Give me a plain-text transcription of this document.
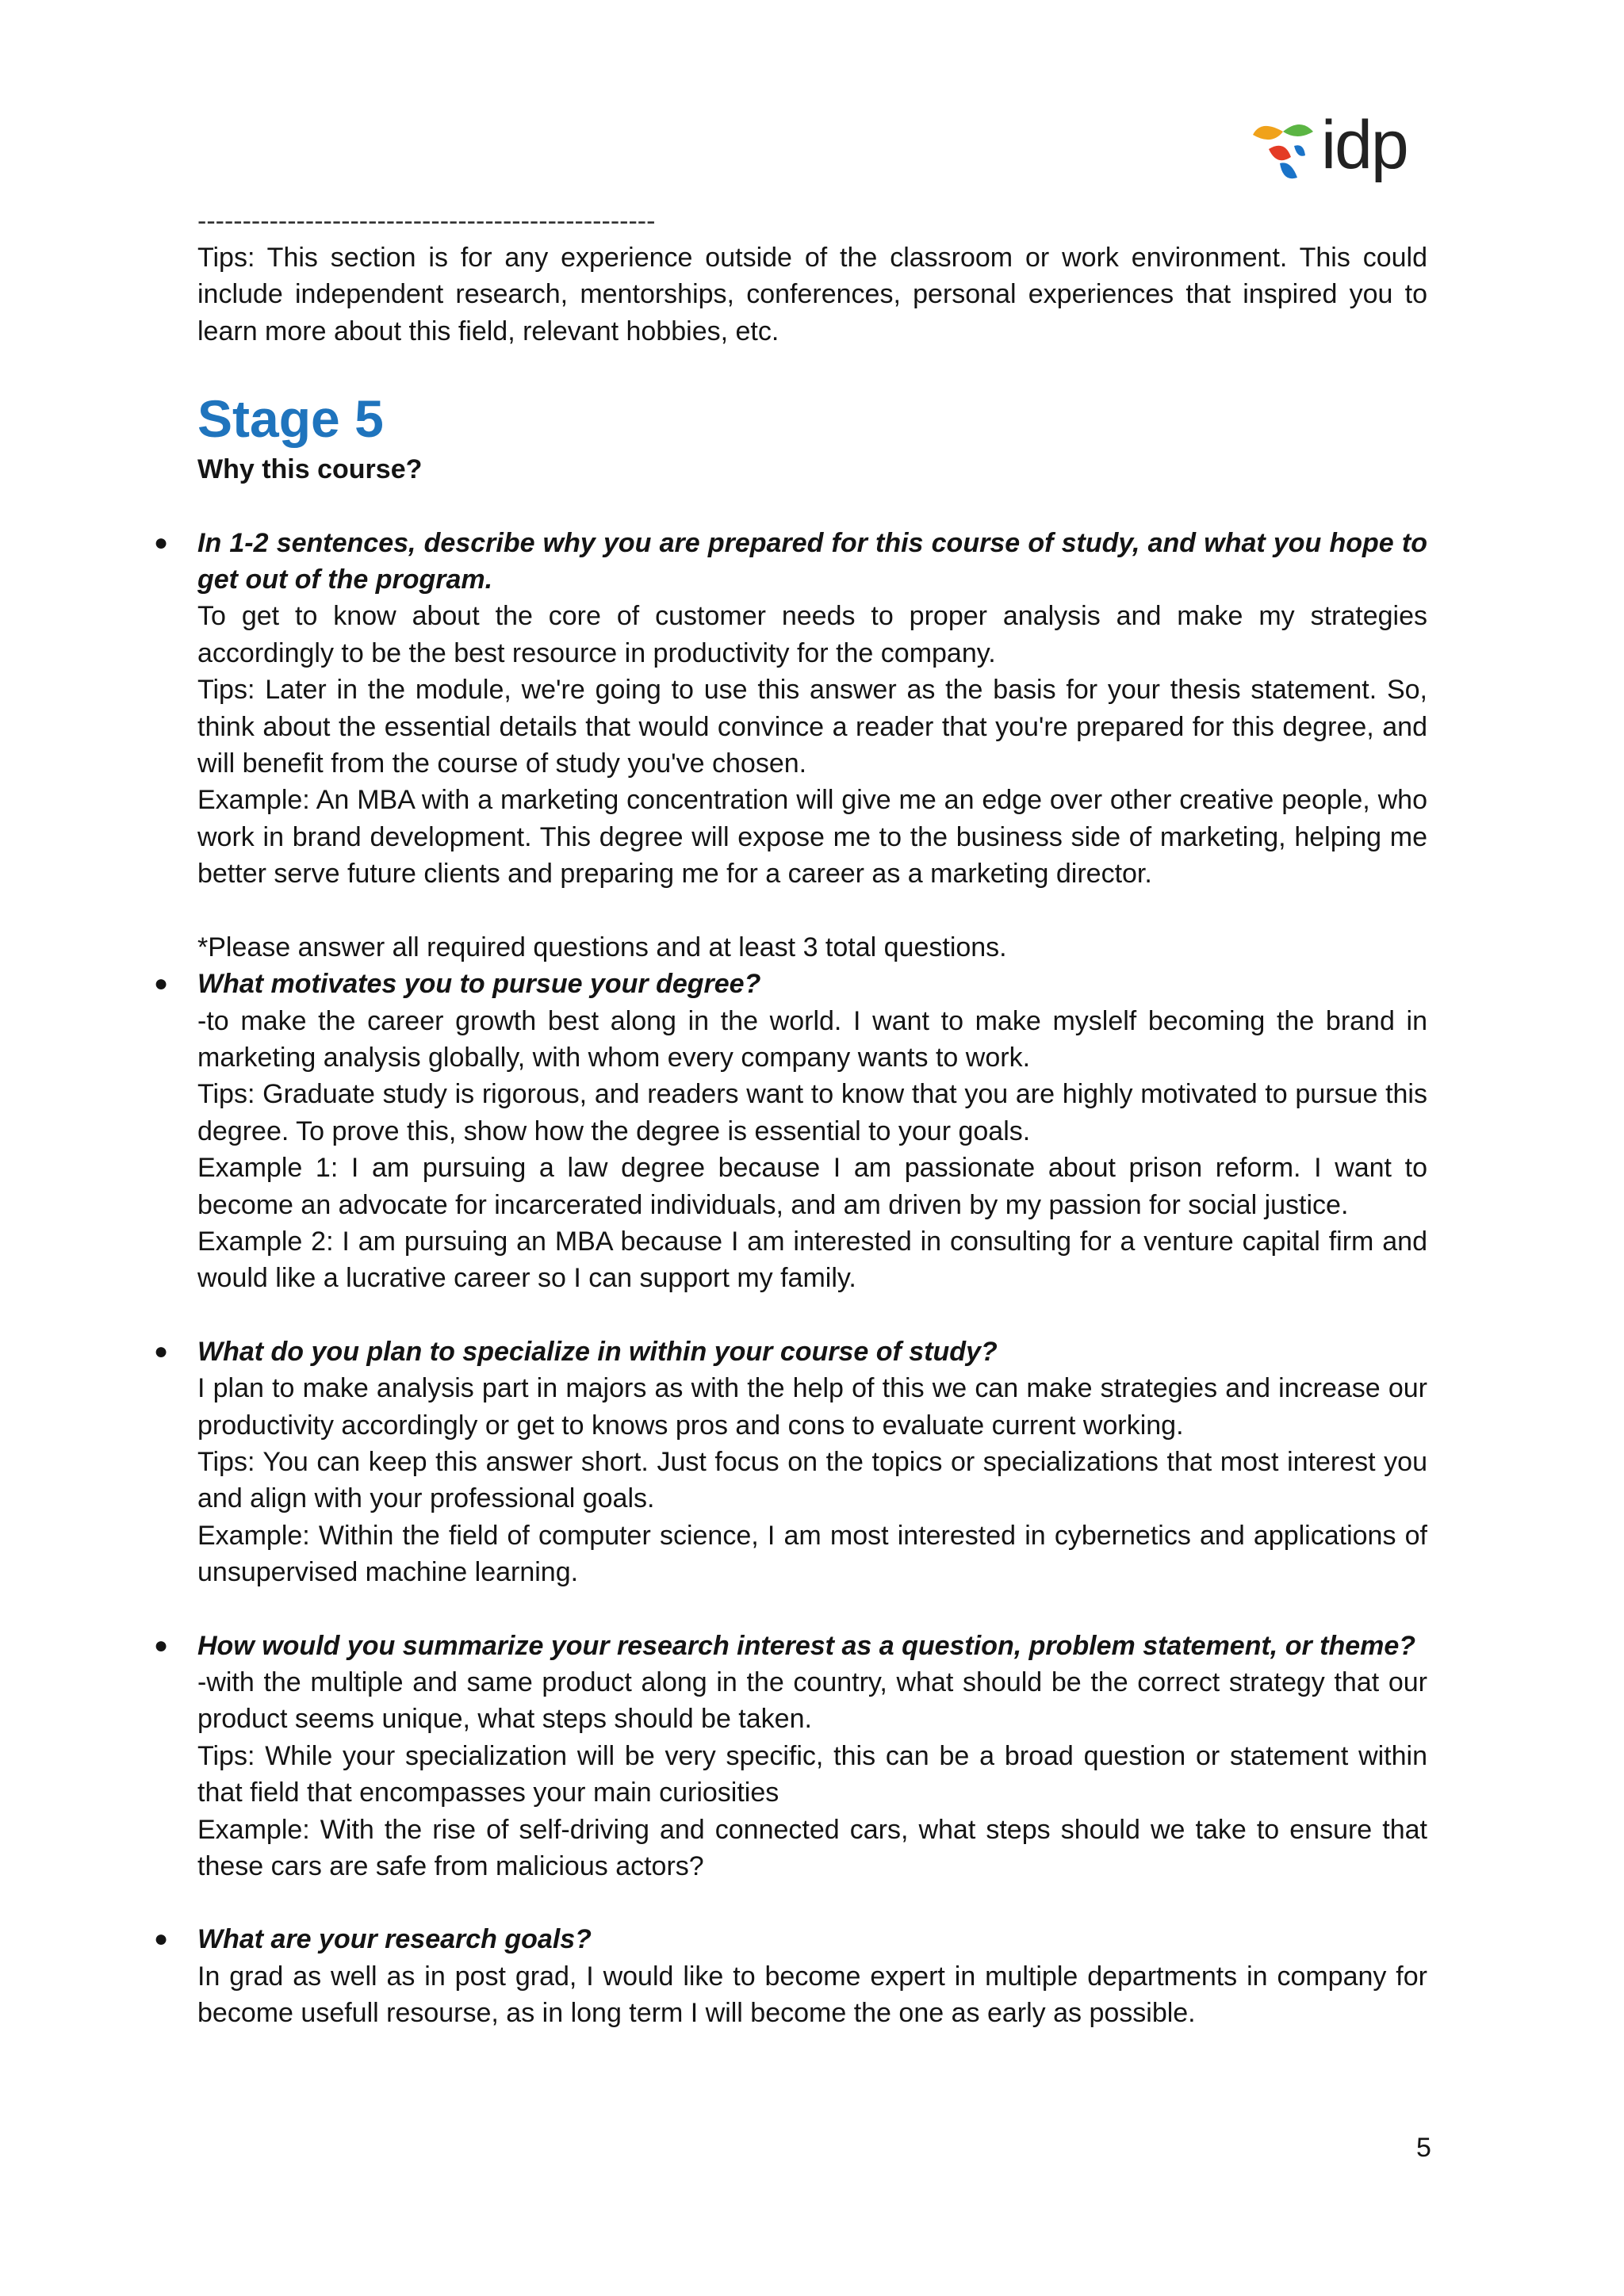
idp
---------------------------------------------------

Tips: This section is for any experience outside of the classroom or work environment. This could include independent research, mentorships, conferences, personal experiences that inspired you to learn more about this field, relevant hobbies, etc.

Stage 5
Why this course?
● In 1-2 sentences, describe why you are prepared for this course of study, and what you hope to get out of the program.

To get to know about the core of customer needs to proper analysis and make my strategies accordingly to be the best resource in productivity for the company.

Tips: Later in the module, we're going to use this answer as the basis for your thesis statement. So, think about the essential details that would convince a reader that you're prepared for this degree, and will benefit from the course of study you've chosen.

Example: An MBA with a marketing concentration will give me an edge over other creative people, who work in brand development. This degree will expose me to the business side of marketing, helping me better serve future clients and preparing me for a career as a marketing director.

*Please answer all required questions and at least 3 total questions.

● What motivates you to pursue your degree?

-to make the career growth best along in the world. I want to make myslelf becoming the brand in marketing analysis globally, with whom every company wants to work.

Tips: Graduate study is rigorous, and readers want to know that you are highly motivated to pursue this degree. To prove this, show how the degree is essential to your goals.

Example 1: I am pursuing a law degree because I am passionate about prison reform. I want to become an advocate for incarcerated individuals, and am driven by my passion for social justice.

Example 2: I am pursuing an MBA because I am interested in consulting for a venture capital firm and would like a lucrative career so I can support my family.

● What do you plan to specialize in within your course of study?

I plan to make analysis part in majors as with the help of this we can make strategies and increase our productivity accordingly or get to knows pros and cons to evaluate current working.

Tips: You can keep this answer short. Just focus on the topics or specializations that most interest you and align with your professional goals.

Example: Within the field of computer science, I am most interested in cybernetics and applications of unsupervised machine learning.

● How would you summarize your research interest as a question, problem statement, or theme?

-with the multiple and same product along in the country, what should be the correct strategy that our product seems unique, what steps should be taken.

Tips: While your specialization will be very specific, this can be a broad question or statement within that field that encompasses your main curiosities

Example: With the rise of self-driving and connected cars, what steps should we take to ensure that these cars are safe from malicious actors?

● What are your research goals?

In grad as well as in post grad, I would like to become expert in multiple departments in company for become usefull resourse, as in long term I will become the one as early as possible.

5
